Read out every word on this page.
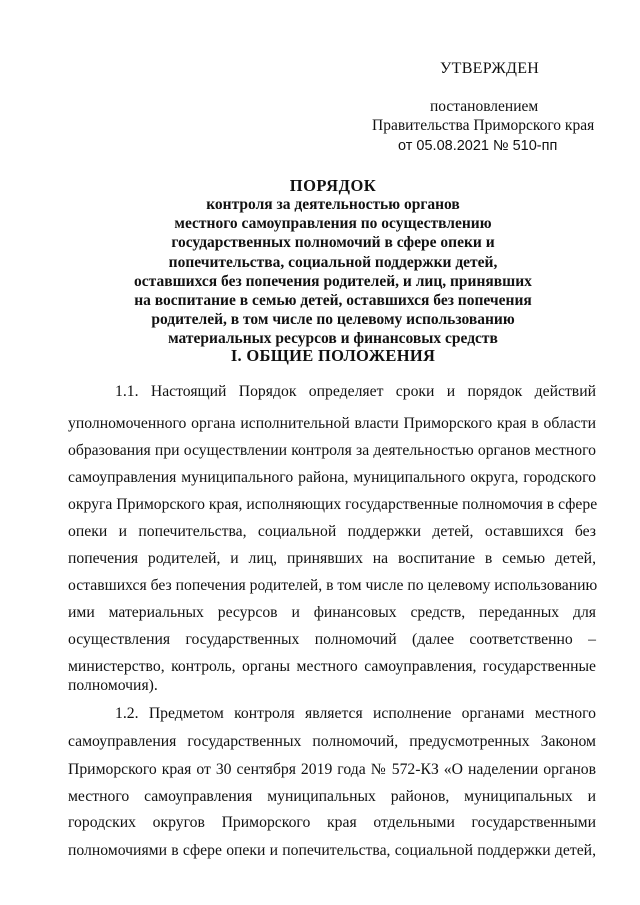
УТВЕРЖДЕН
постановлением
Правительства Приморского края
от 05.08.2021 № 510-пп
ПОРЯДОК
контроля за деятельностью органов
местного самоуправления по осуществлению
государственных полномочий в сфере опеки и
попечительства, социальной поддержки детей,
оставшихся без попечения родителей, и лиц, принявших
на воспитание в семью детей, оставшихся без попечения
родителей, в том числе по целевому использованию
материальных ресурсов и финансовых средств
I. ОБЩИЕ ПОЛОЖЕНИЯ
1.1. Настоящий Порядок определяет сроки и порядок действий
уполномоченного органа исполнительной власти Приморского края в области
образования при осуществлении контроля за деятельностью органов местного
самоуправления муниципального района, муниципального округа, городского
округа Приморского края, исполняющих государственные полномочия в сфере
опеки и попечительства, социальной поддержки детей, оставшихся без
попечения родителей, и лиц, принявших на воспитание в семью детей,
оставшихся без попечения родителей, в том числе по целевому использованию
ими материальных ресурсов и финансовых средств, переданных для
осуществления государственных полномочий (далее соответственно –
министерство, контроль, органы местного самоуправления, государственные
полномочия).
1.2. Предметом контроля является исполнение органами местного
самоуправления государственных полномочий, предусмотренных Законом
Приморского края от 30 сентября 2019 года № 572-КЗ «О наделении органов
местного самоуправления муниципальных районов, муниципальных и
городских округов Приморского края отдельными государственными
полномочиями в сфере опеки и попечительства, социальной поддержки детей,
